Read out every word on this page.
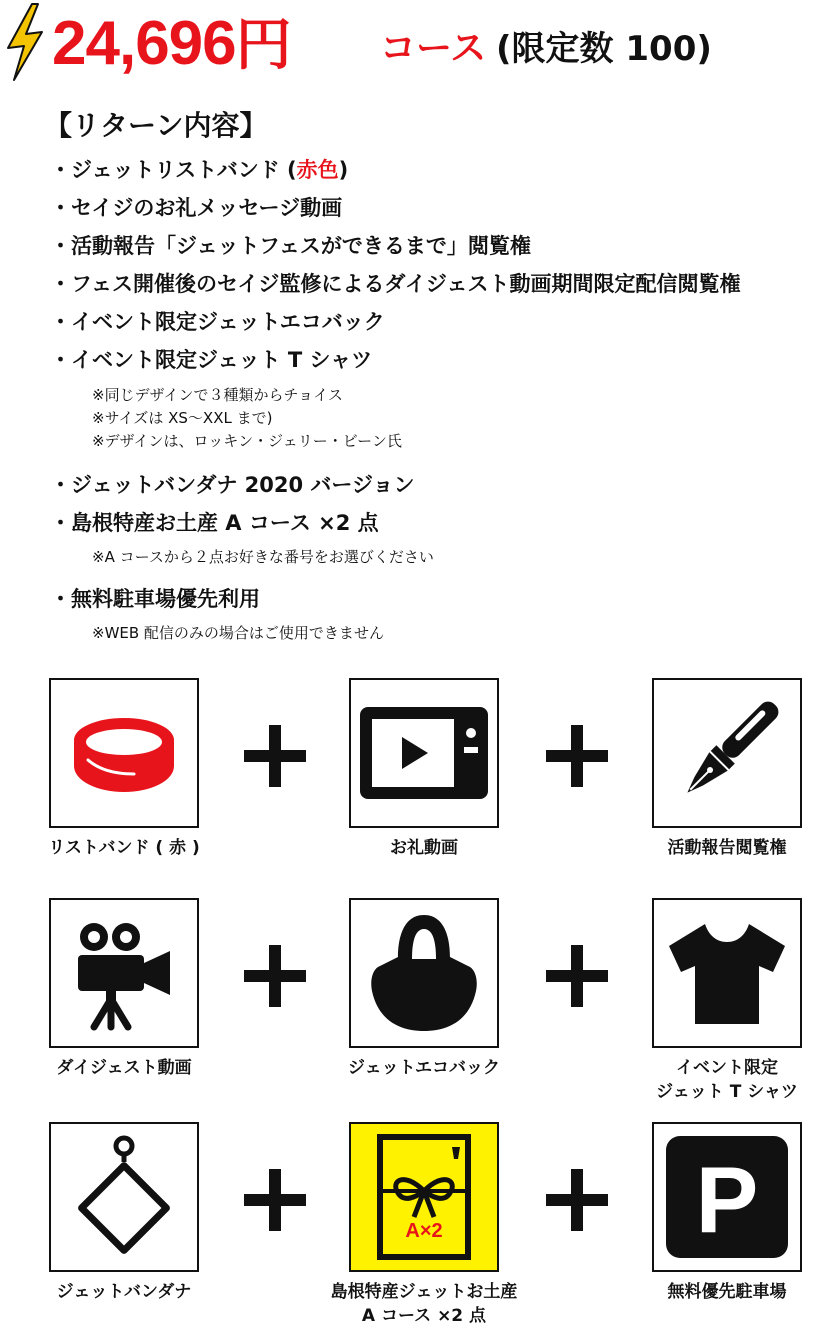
24,696円 コース (限定数 100)
【リターン内容】
・ジェットリストバンド (赤色)
・セイジのお礼メッセージ動画
・活動報告「ジェットフェスができるまで」閲覧権
・フェス開催後のセイジ監修によるダイジェスト動画期間限定配信閲覧権
・イベント限定ジェットエコバック
・イベント限定ジェット T シャツ
※同じデザインで３種類からチョイス
※サイズは XS〜XXL まで)
※デザインは、ロッキン・ジェリー・ビーン氏
・ジェットバンダナ 2020 バージョン
・島根特産お土産 A コース ×2 点
※A コースから２点お好きな番号をお選びください
・無料駐車場優先利用
※WEB 配信のみの場合はご使用できません
リストバンド ( 赤 )	お礼動画	活動報告閲覧権
ダイジェスト動画	ジェットエコバック	イベント限定
ジェット T シャツ
A×2	P
ジェットバンダナ	島根特産ジェットお土産
A コース ×2 点
無料優先駐車場
